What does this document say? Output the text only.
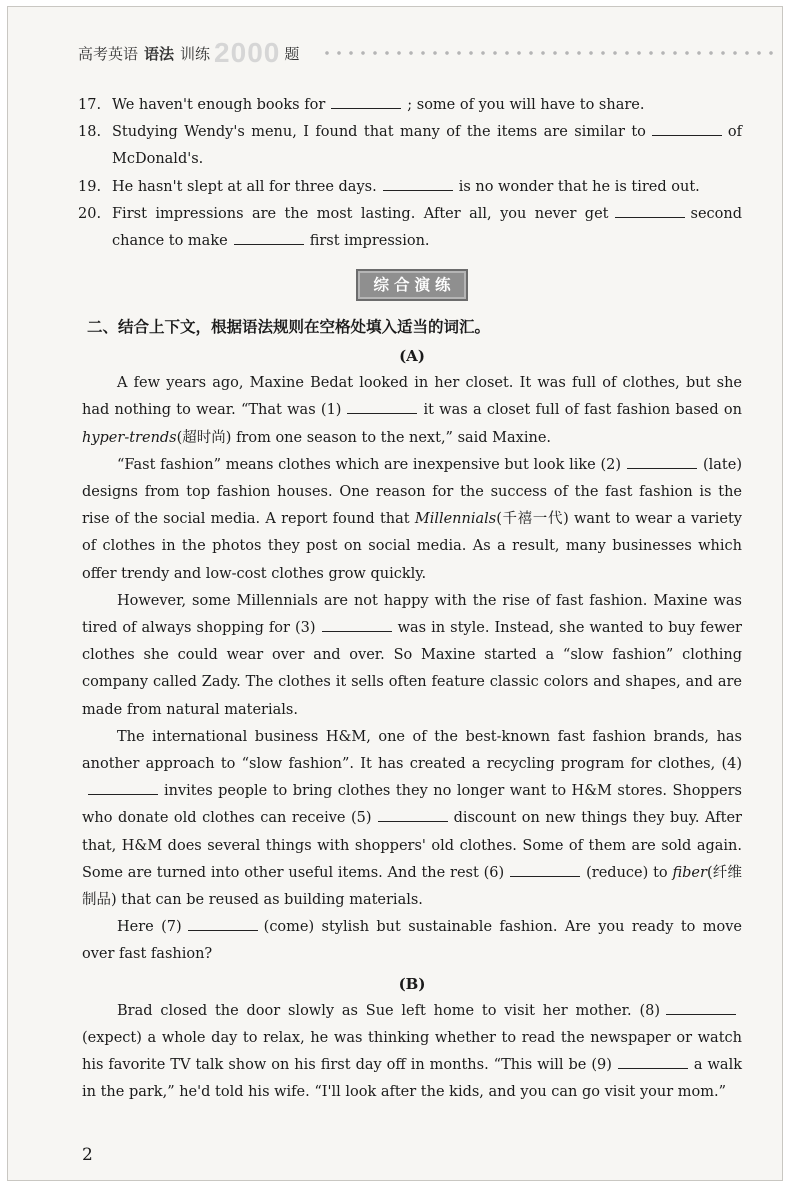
高考英语 语法 训练 2000 题

17. We haven't enough books for	; some of you will have to share.

18. Studying Wendy's menu, I found that many of the items are similar to	of McDonald's.

19. He hasn't slept at all for three days.	is no wonder that he is tired out.

20. First impressions are the most lasting. After all, you never get	second chance to make	first impression.

综合演练

二、结合上下文，根据语法规则在空格处填入适当的词汇。

(A)

A few years ago, Maxine Bedat looked in her closet. It was full of clothes, but she had nothing to wear. “That was (1)	it was a closet full of fast fashion based on hyper-trends(超时尚) from one season to the next,” said Maxine.

“Fast fashion” means clothes which are inexpensive but look like (2)	(late) designs from top fashion houses. One reason for the success of the fast fashion is the rise of the social media. A report found that Millennials(千禧一代) want to wear a variety of clothes in the photos they post on social media. As a result, many businesses which offer trendy and low-cost clothes grow quickly.

However, some Millennials are not happy with the rise of fast fashion. Maxine was tired of always shopping for (3)	was in style. Instead, she wanted to buy fewer clothes she could wear over and over. So Maxine started a “slow fashion” clothing company called Zady. The clothes it sells often feature classic colors and shapes, and are made from natural materials.

The international business H&M, one of the best-known fast fashion brands, has another approach to “slow fashion”. It has created a recycling program for clothes, (4)invites people to bring clothes they no longer want to H&M stores. Shoppers who donate old clothes can receive (5)	discount on new things they buy. After that, H&M does several things with shoppers' old clothes. Some of them are sold again. Some are turned into other useful items. And the rest (6)	(reduce) to fiber(纤维制品) that can be reused as building materials.

Here (7)	(come) stylish but sustainable fashion. Are you ready to move over fast fashion?

(B)

Brad closed the door slowly as Sue left home to visit her mother. (8)(expect) a whole day to relax, he was thinking whether to read the newspaper or watch his favorite TV talk show on his first day off in months. “This will be (9)	a walk in the park,” he'd told his wife. “I'll look after the kids, and you can go visit your mom.”

2
